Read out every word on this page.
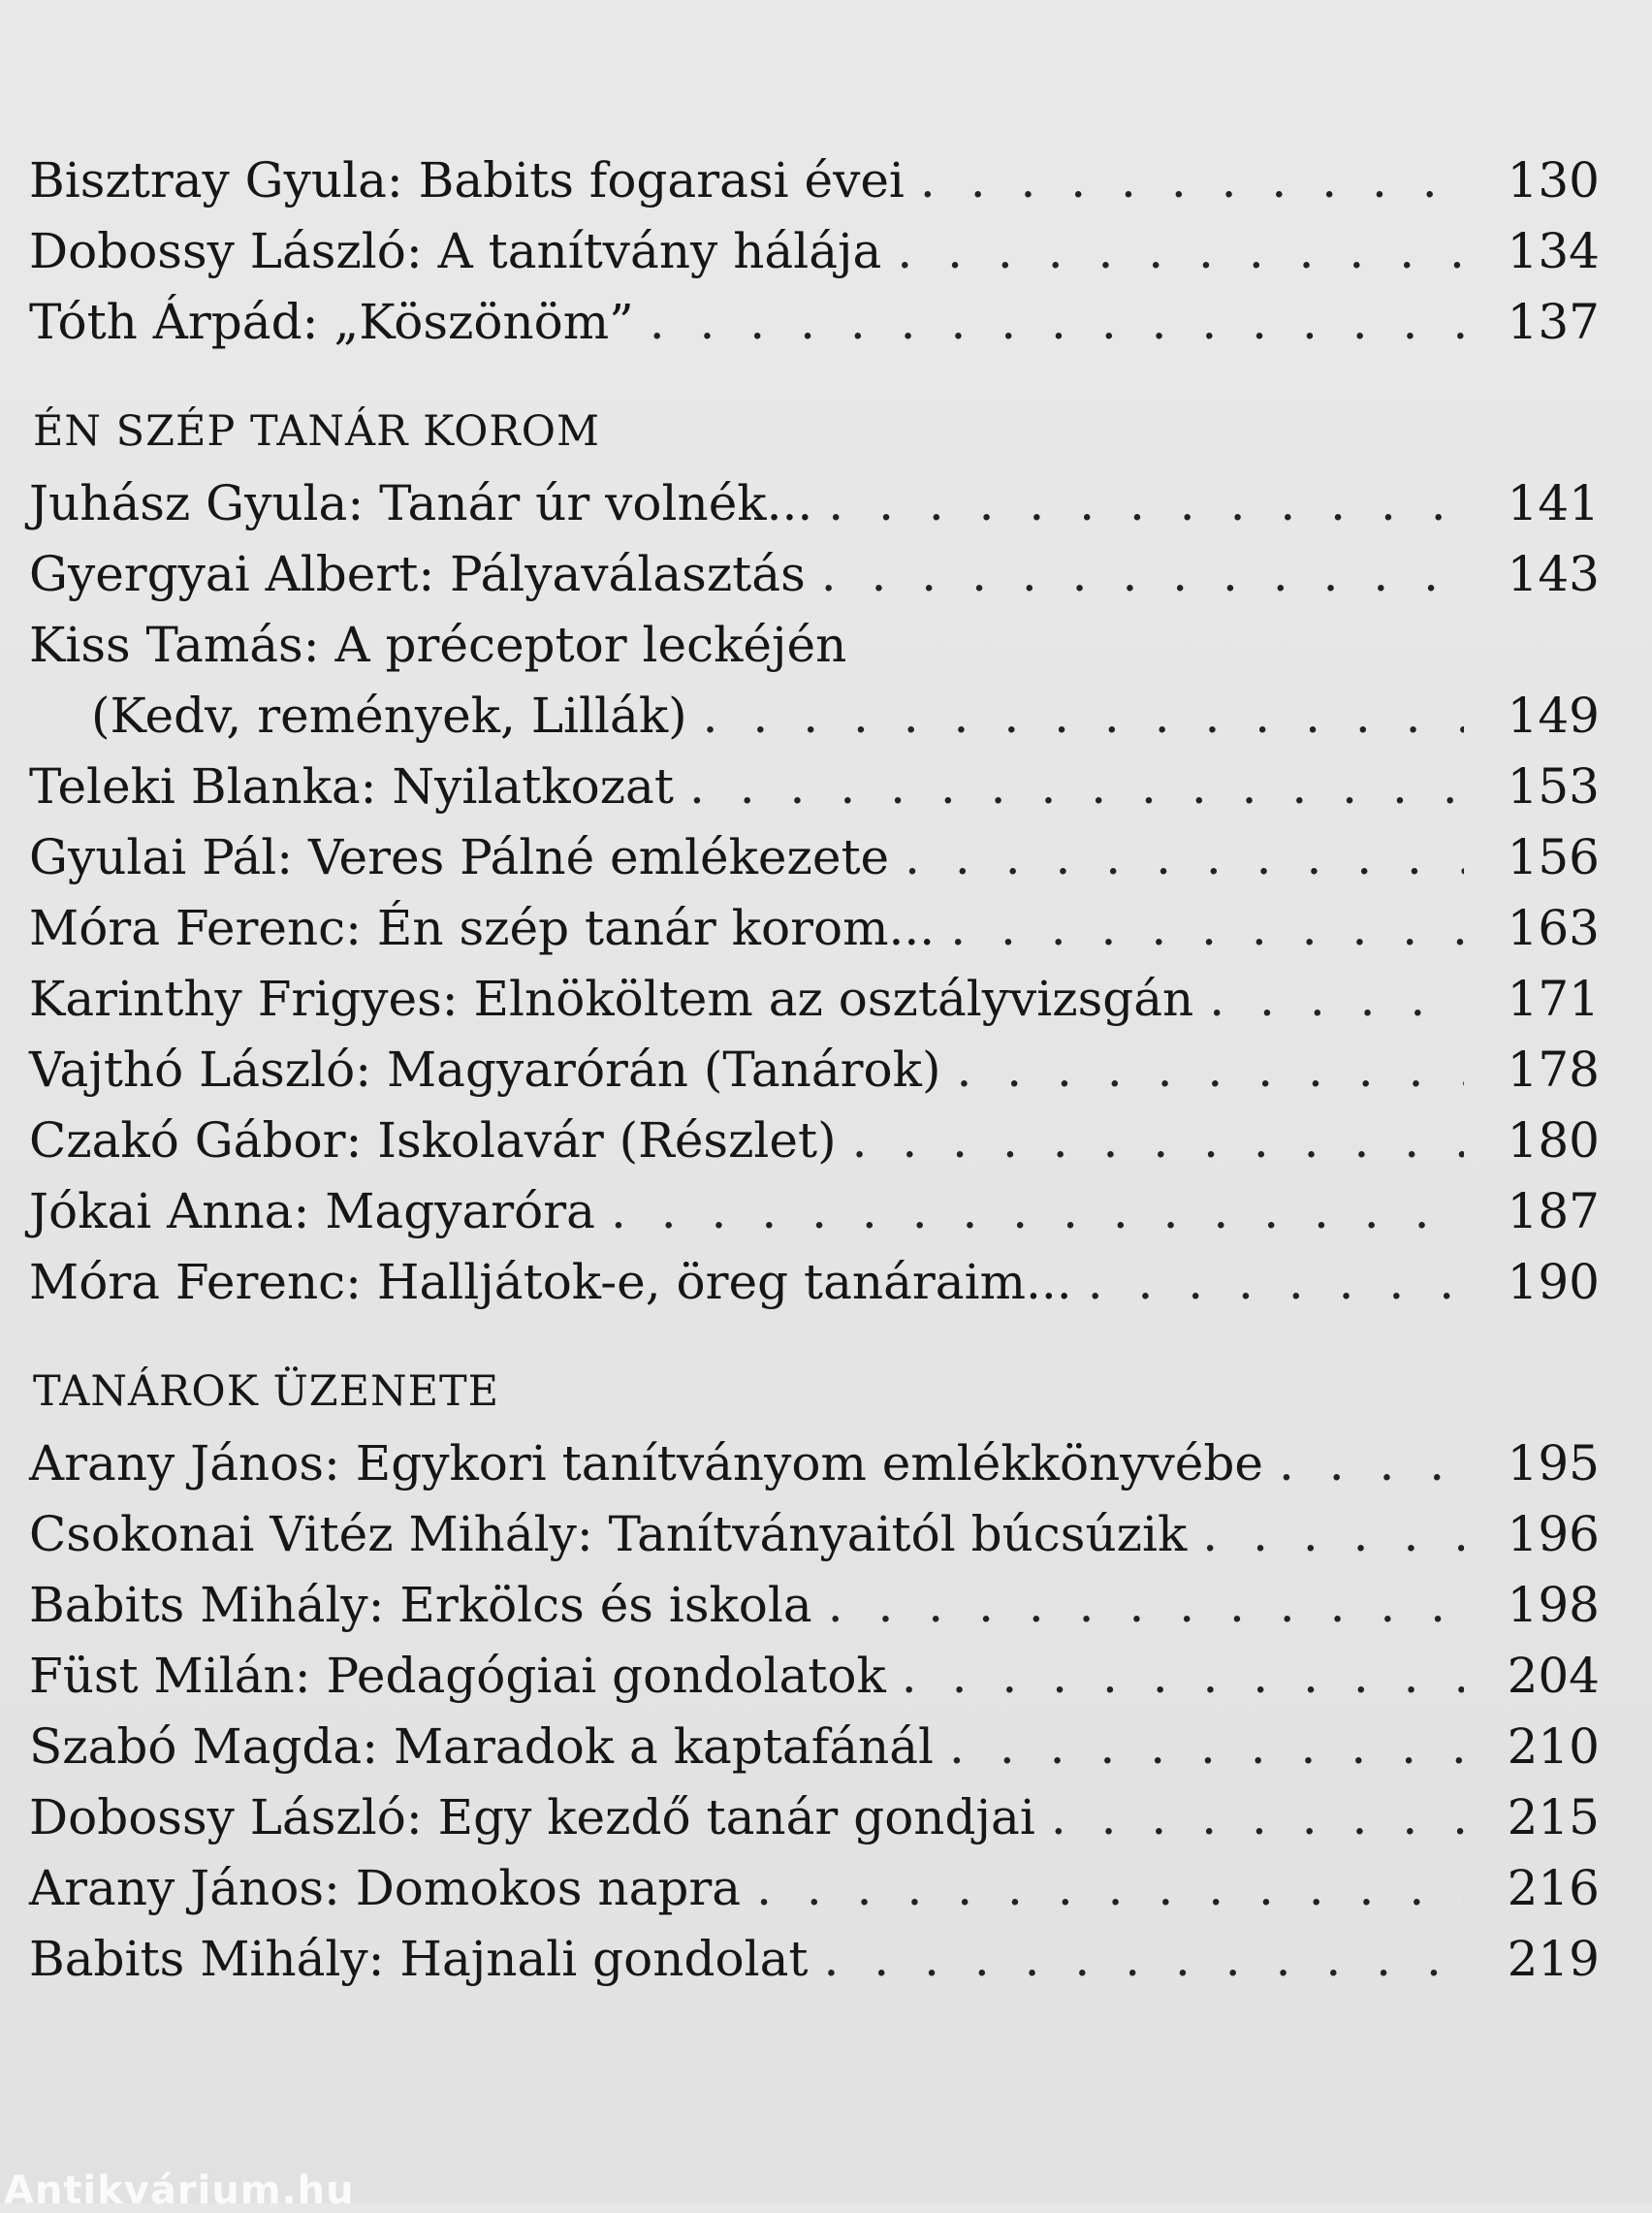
Bisztray Gyula: Babits fogarasi évei . . .	130
Dobossy László: A tanítvány hálája . . .	134
Tóth Árpád: „Köszönöm” . . .	137
ÉN SZÉP TANÁR KOROM
Juhász Gyula: Tanár úr volnék... . . .	141
Gyergyai Albert: Pályaválasztás . . .	143
Kiss Tamás: A préceptor leckéjén
(Kedv, remények, Lillák) . . .	149
Teleki Blanka: Nyilatkozat . . .	153
Gyulai Pál: Veres Pálné emlékezete . . .	156
Móra Ferenc: Én szép tanár korom... . . .	163
Karinthy Frigyes: Elnököltem az osztályvizsgán . . .	171
Vajthó László: Magyarórán (Tanárok) . . .	178
Czakó Gábor: Iskolavár (Részlet) . . .	180
Jókai Anna: Magyaróra . . .	187
Móra Ferenc: Halljátok-e, öreg tanáraim... . . .	190
TANÁROK ÜZENETE
Arany János: Egykori tanítványom emlékkönyvébe . . .	195
Csokonai Vitéz Mihály: Tanítványaitól búcsúzik . . .	196
Babits Mihály: Erkölcs és iskola . . .	198
Füst Milán: Pedagógiai gondolatok . . .	204
Szabó Magda: Maradok a kaptafánál . . .	210
Dobossy László: Egy kezdő tanár gondjai . . .	215
Arany János: Domokos napra . . .	216
Babits Mihály: Hajnali gondolat . . .	219
Antikvárium.hu
